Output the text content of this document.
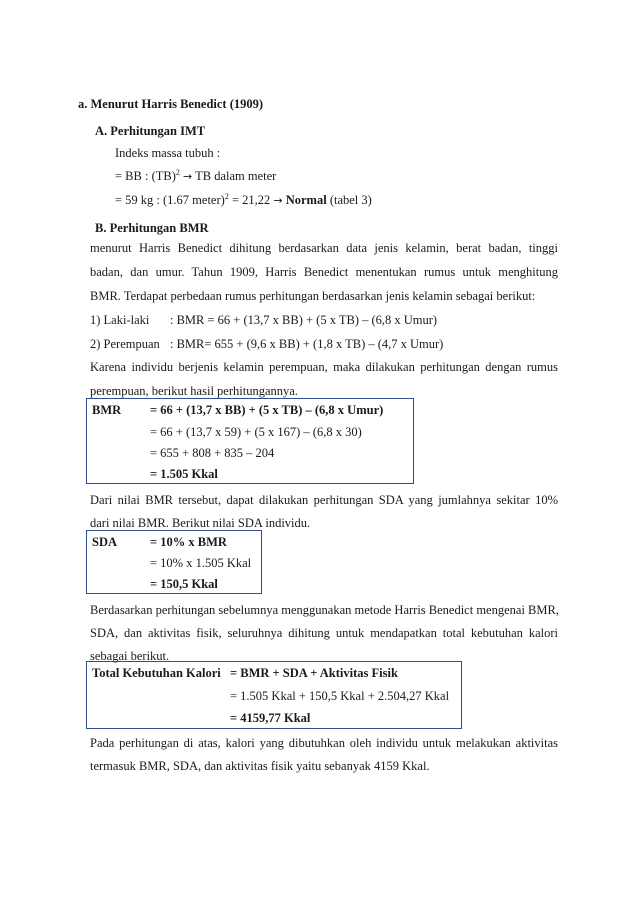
a. Menurut Harris Benedict (1909)
A. Perhitungan IMT
Indeks massa tubuh :
= BB : (TB)$^2$ → TB dalam meter
= 59 kg : (1.67 meter)$^2$ = 21,22 → Normal (tabel 3)
B. Perhitungan BMR
menurut Harris Benedict dihitung berdasarkan data jenis kelamin, berat badan, tinggi
badan, dan umur. Tahun 1909, Harris Benedict menentukan rumus untuk menghitung
BMR. Terdapat perbedaan rumus perhitungan berdasarkan jenis kelamin sebagai berikut:
1) Laki-laki : BMR = 66 + (13,7 x BB) + (5 x TB) – (6,8 x Umur)
2) Perempuan : BMR= 655 + (9,6 x BB) + (1,8 x TB) – (4,7 x Umur)
Karena individu berjenis kelamin perempuan, maka dilakukan perhitungan dengan rumus
perempuan, berikut hasil perhitungannya.
BMR = 66 + (13,7 x BB) + (5 x TB) – (6,8 x Umur)
= 66 + (13,7 x 59) + (5 x 167) – (6,8 x 30)
= 655 + 808 + 835 – 204
= 1.505 Kkal
Dari nilai BMR tersebut, dapat dilakukan perhitungan SDA yang jumlahnya sekitar 10%
dari nilai BMR. Berikut nilai SDA individu.
SDA	= 10% x BMR
= 10% x 1.505 Kkal
= 150,5 Kkal
Berdasarkan perhitungan sebelumnya menggunakan metode Harris Benedict mengenai BMR,
SDA, dan aktivitas fisik, seluruhnya dihitung untuk mendapatkan total kebutuhan kalori
sebagai berikut.
Total Kebutuhan Kalori = BMR + SDA + Aktivitas Fisik
= 1.505 Kkal + 150,5 Kkal + 2.504,27 Kkal
= 4159,77 Kkal
Pada perhitungan di atas, kalori yang dibutuhkan oleh individu untuk melakukan aktivitas
termasuk BMR, SDA, dan aktivitas fisik yaitu sebanyak 4159 Kkal.
